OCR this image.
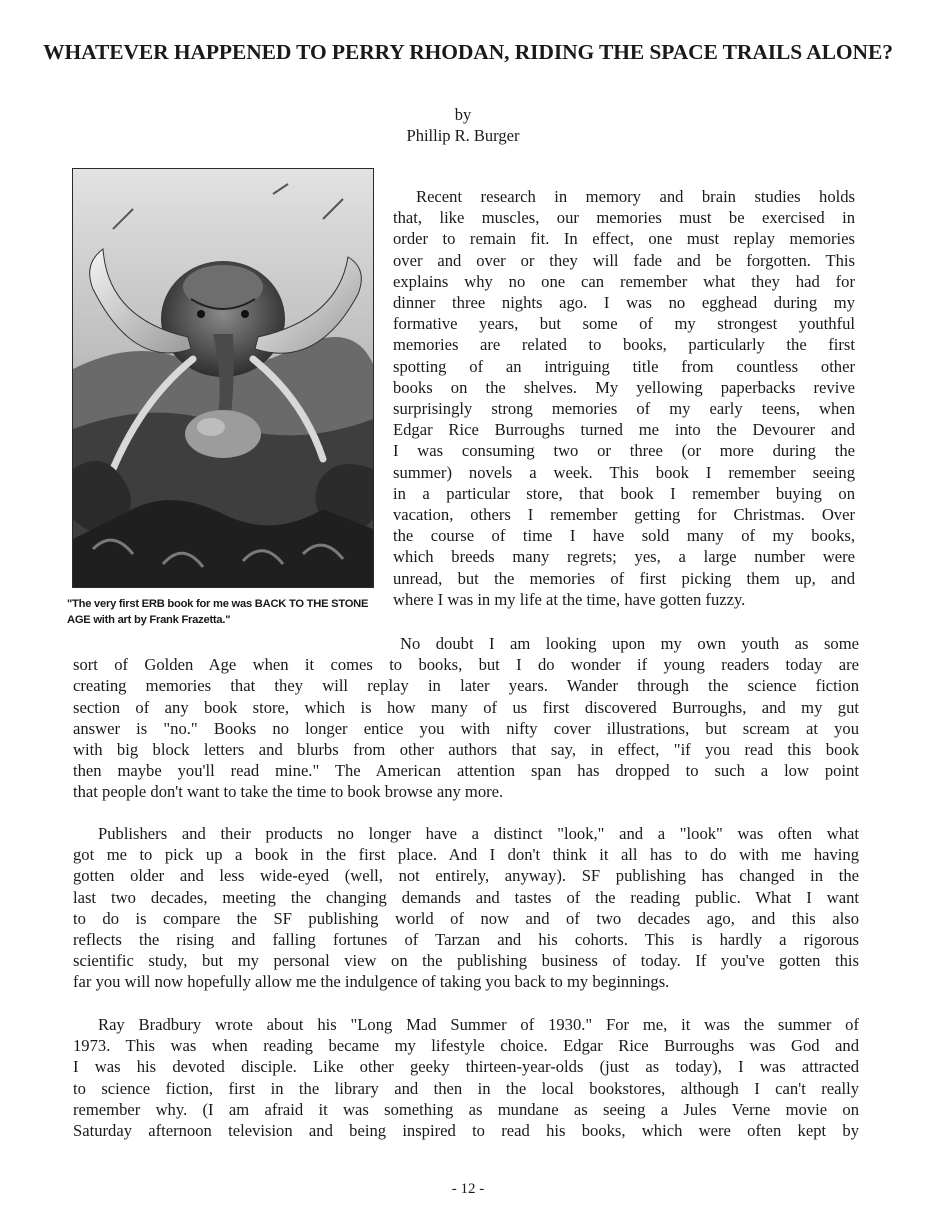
WHATEVER HAPPENED TO PERRY RHODAN, RIDING THE SPACE TRAILS ALONE?
by
Phillip R. Burger
"The very first ERB book for me was BACK TO THE STONE
AGE with art by Frank Frazetta."
Recent research in memory and brain studies holds
that, like muscles, our memories must be exercised in
order to remain fit. In effect, one must replay memories
over and over or they will fade and be forgotten. This
explains why no one can remember what they had for
dinner three nights ago. I was no egghead during my
formative years, but some of my strongest youthful
memories are related to books, particularly the first
spotting of an intriguing title from countless other
books on the shelves. My yellowing paperbacks revive
surprisingly strong memories of my early teens, when
Edgar Rice Burroughs turned me into the Devourer and
I was consuming two or three (or more during the
summer) novels a week. This book I remember seeing
in a particular store, that book I remember buying on
vacation, others I remember getting for Christmas. Over
the course of time I have sold many of my books,
which breeds many regrets; yes, a large number were
unread, but the memories of first picking them up, and
where I was in my life at the time, have gotten fuzzy.
No doubt I am looking upon my own youth as some
sort of Golden Age when it comes to books, but I do wonder if young readers today are
creating memories that they will replay in later years. Wander through the science fiction
section of any book store, which is how many of us first discovered Burroughs, and my gut
answer is "no." Books no longer entice you with nifty cover illustrations, but scream at you
with big block letters and blurbs from other authors that say, in effect, "if you read this book
then maybe you'll read mine." The American attention span has dropped to such a low point
that people don't want to take the time to book browse any more.
Publishers and their products no longer have a distinct "look," and a "look" was often what
got me to pick up a book in the first place. And I don't think it all has to do with me having
gotten older and less wide-eyed (well, not entirely, anyway). SF publishing has changed in the
last two decades, meeting the changing demands and tastes of the reading public. What I want
to do is compare the SF publishing world of now and of two decades ago, and this also
reflects the rising and falling fortunes of Tarzan and his cohorts. This is hardly a rigorous
scientific study, but my personal view on the publishing business of today. If you've gotten this
far you will now hopefully allow me the indulgence of taking you back to my beginnings.
Ray Bradbury wrote about his "Long Mad Summer of 1930." For me, it was the summer of
1973. This was when reading became my lifestyle choice. Edgar Rice Burroughs was God and
I was his devoted disciple. Like other geeky thirteen-year-olds (just as today), I was attracted
to science fiction, first in the library and then in the local bookstores, although I can't really
remember why. (I am afraid it was something as mundane as seeing a Jules Verne movie on
Saturday afternoon television and being inspired to read his books, which were often kept by
- 12 -
